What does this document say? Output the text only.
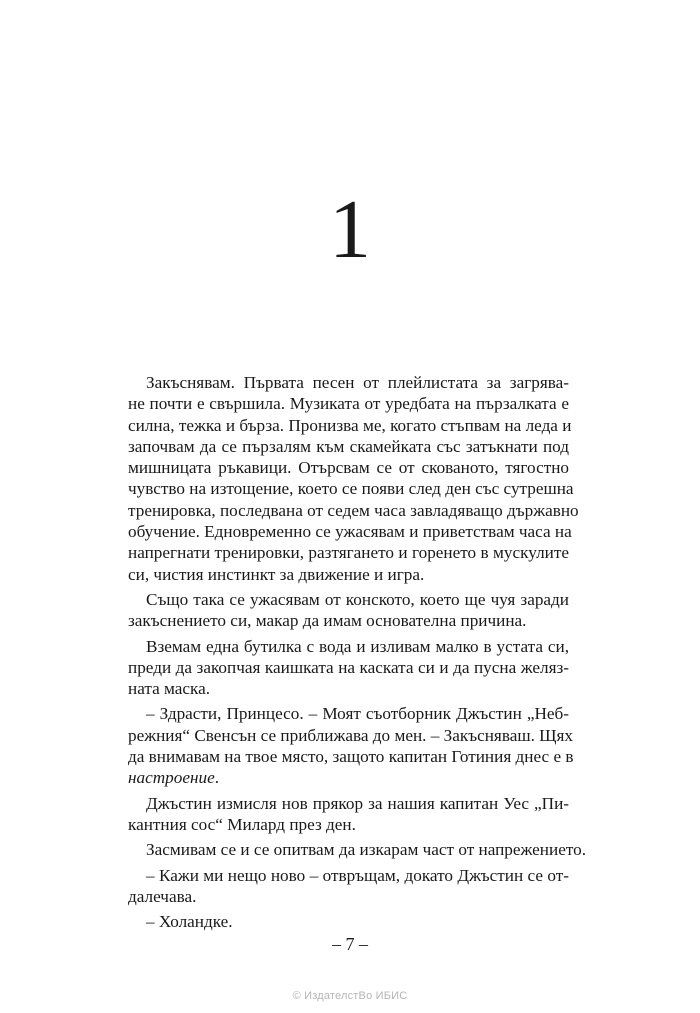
1
Закъснявам. Първата песен от плейлистата за загрява-
не почти е свършила. Музиката от уредбата на пързалката е
силна, тежка и бърза. Пронизва ме, когато стъпвам на леда и
започвам да се пързалям към скамейката със затъкнати под
мишницата ръкавици. Отърсвам се от скованото, тягостно
чувство на изтощение, което се появи след ден със сутрешна
тренировка, последвана от седем часа завладяващо държавно
обучение. Едновременно се ужасявам и приветствам часа на
напрегнати тренировки, разтягането и горенето в мускулите
си, чистия инстинкт за движение и игра.
Също така се ужасявам от конското, което ще чуя заради
закъснението си, макар да имам основателна причина.
Вземам една бутилка с вода и изливам малко в устата си,
преди да закопчая каишката на каската си и да пусна желяз-
ната маска.
– Здрасти, Принцесо. – Моят съотборник Джъстин „Неб-
режния“ Свенсън се приближава до мен. – Закъсняваш. Щях
да внимавам на твое място, защото капитан Готиния днес е в
настроение.
Джъстин измисля нов прякор за нашия капитан Уес „Пи-
кантния сос“ Милард през ден.
Засмивам се и се опитвам да изкарам част от напрежението.
– Кажи ми нещо ново – отвръщам, докато Джъстин се от-
далечава.
– Холандке.
– 7 –
© ИздателстВо ИБИС
